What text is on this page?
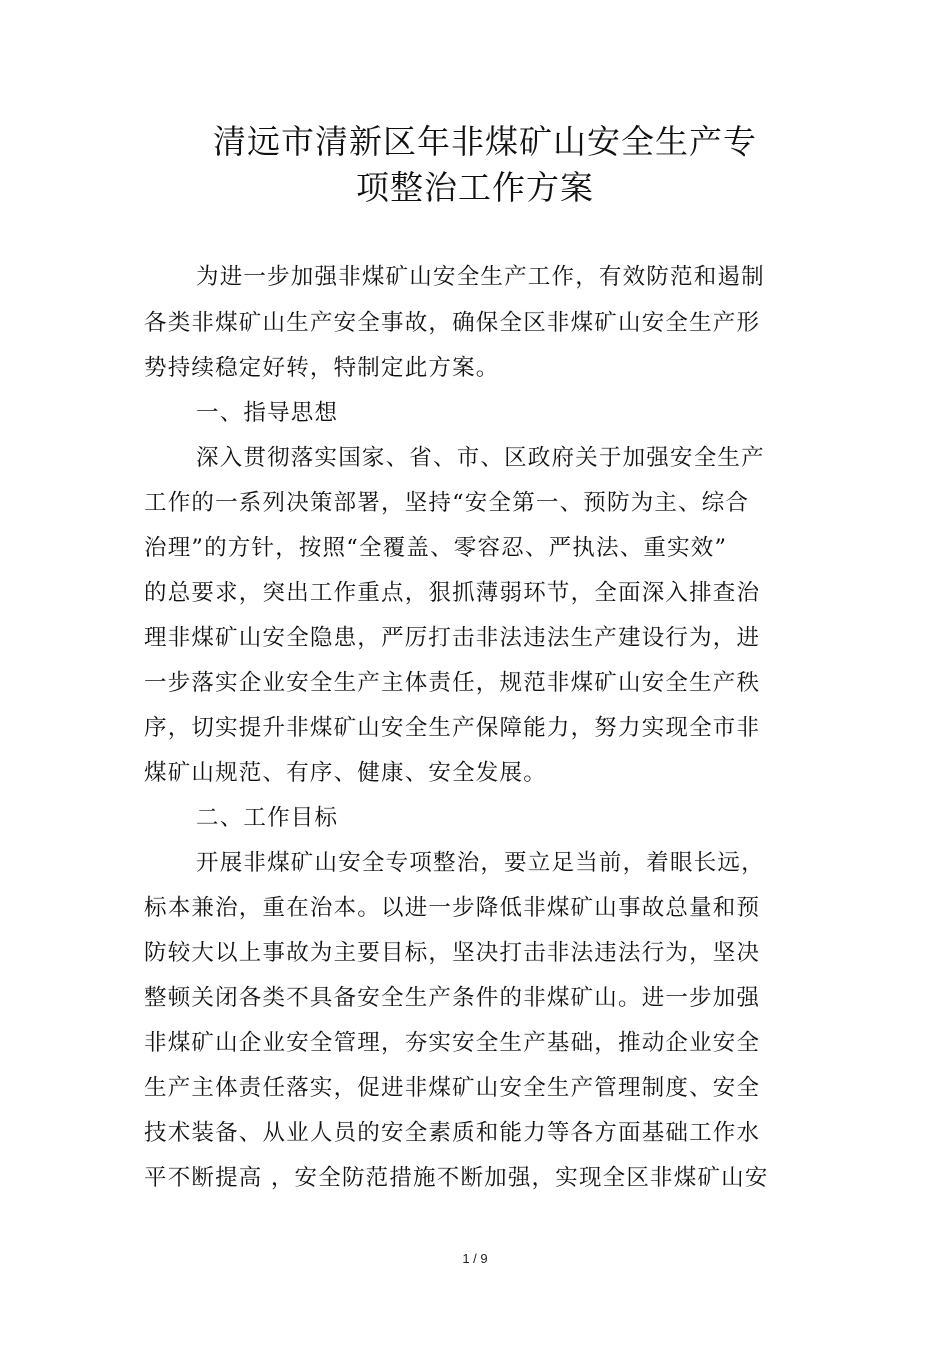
清远市清新区年非煤矿山安全生产专
项整治工作方案
为进一步加强非煤矿山安全生产工作，有效防范和遏制
各类非煤矿山生产安全事故，确保全区非煤矿山安全生产形
势持续稳定好转，特制定此方案。
一、指导思想
深入贯彻落实国家、省、市、区政府关于加强安全生产
工作的一系列决策部署，坚持“安全第一、预防为主、综合
治理”的方针，按照“全覆盖、零容忍、严执法、重实效”
的总要求，突出工作重点，狠抓薄弱环节，全面深入排查治
理非煤矿山安全隐患，严厉打击非法违法生产建设行为，进
一步落实企业安全生产主体责任，规范非煤矿山安全生产秩
序，切实提升非煤矿山安全生产保障能力，努力实现全市非
煤矿山规范、有序、健康、安全发展。
二、工作目标
开展非煤矿山安全专项整治，要立足当前，着眼长远，
标本兼治，重在治本。以进一步降低非煤矿山事故总量和预
防较大以上事故为主要目标，坚决打击非法违法行为，坚决
整顿关闭各类不具备安全生产条件的非煤矿山。进一步加强
非煤矿山企业安全管理，夯实安全生产基础，推动企业安全
生产主体责任落实，促进非煤矿山安全生产管理制度、安全
技术装备、从业人员的安全素质和能力等各方面基础工作水
平不断提高 ，安全防范措施不断加强，实现全区非煤矿山安
1 / 9
